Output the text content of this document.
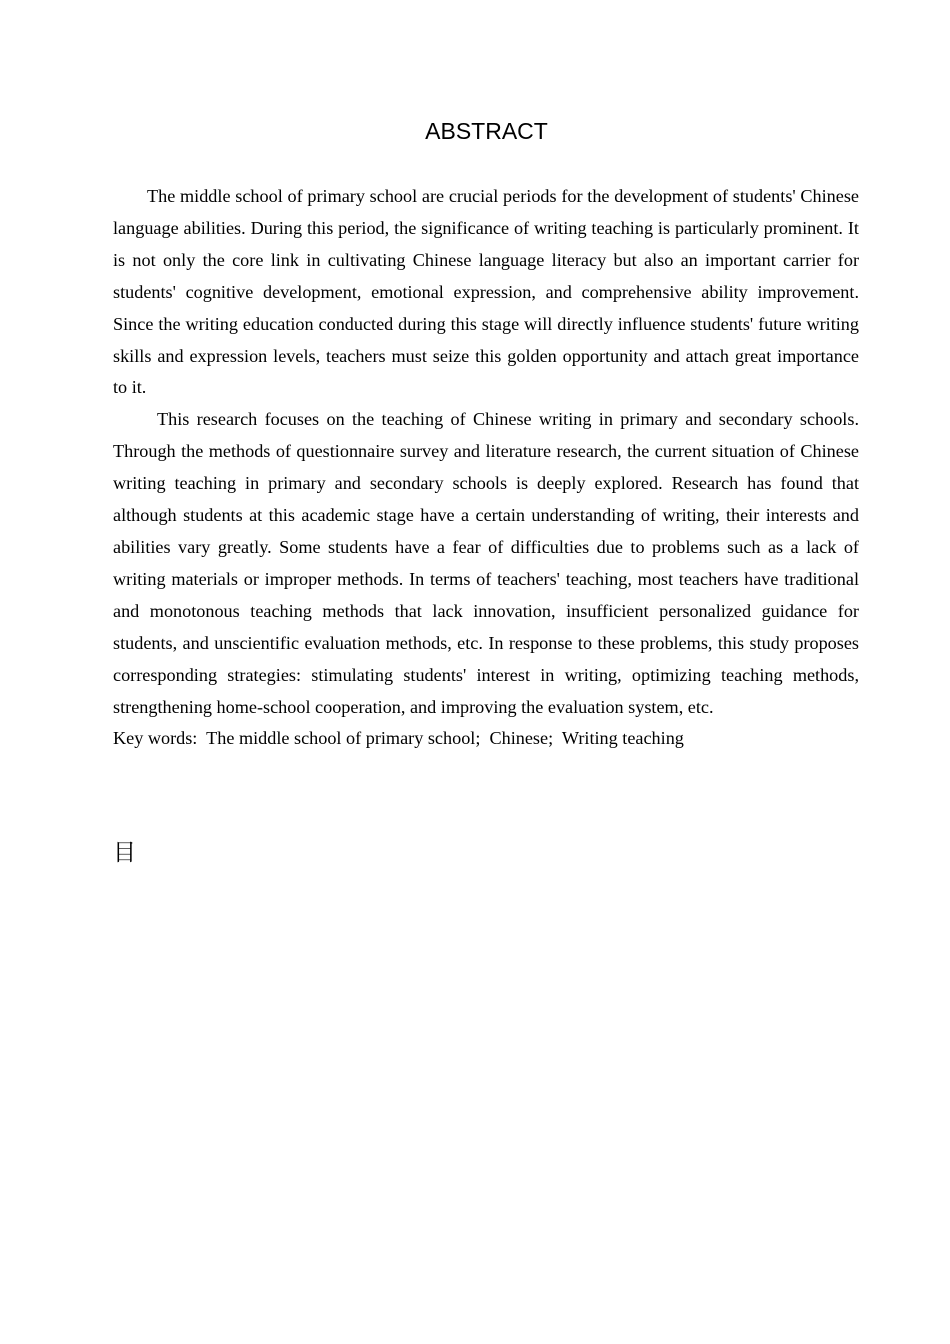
ABSTRACT

The middle school of primary school are crucial periods for the development of students' Chinese language abilities. During this period, the significance of writing teaching is particularly prominent. It is not only the core link in cultivating Chinese language literacy but also an important carrier for students' cognitive development, emotional expression, and comprehensive ability improvement. Since the writing education conducted during this stage will directly influence students' future writing skills and expression levels, teachers must seize this golden opportunity and attach great importance to it.

This research focuses on the teaching of Chinese writing in primary and secondary schools. Through the methods of questionnaire survey and literature research, the current situation of Chinese writing teaching in primary and secondary schools is deeply explored. Research has found that although students at this academic stage have a certain understanding of writing, their interests and abilities vary greatly. Some students have a fear of difficulties due to problems such as a lack of writing materials or improper methods. In terms of teachers' teaching, most teachers have traditional and monotonous teaching methods that lack innovation, insufficient personalized guidance for students, and unscientific evaluation methods, etc. In response to these problems, this study proposes corresponding strategies: stimulating students' interest in writing, optimizing teaching methods, strengthening home-school cooperation, and improving the evaluation system, etc.

Key words:  The middle school of primary school;  Chinese;  Writing teaching

目
